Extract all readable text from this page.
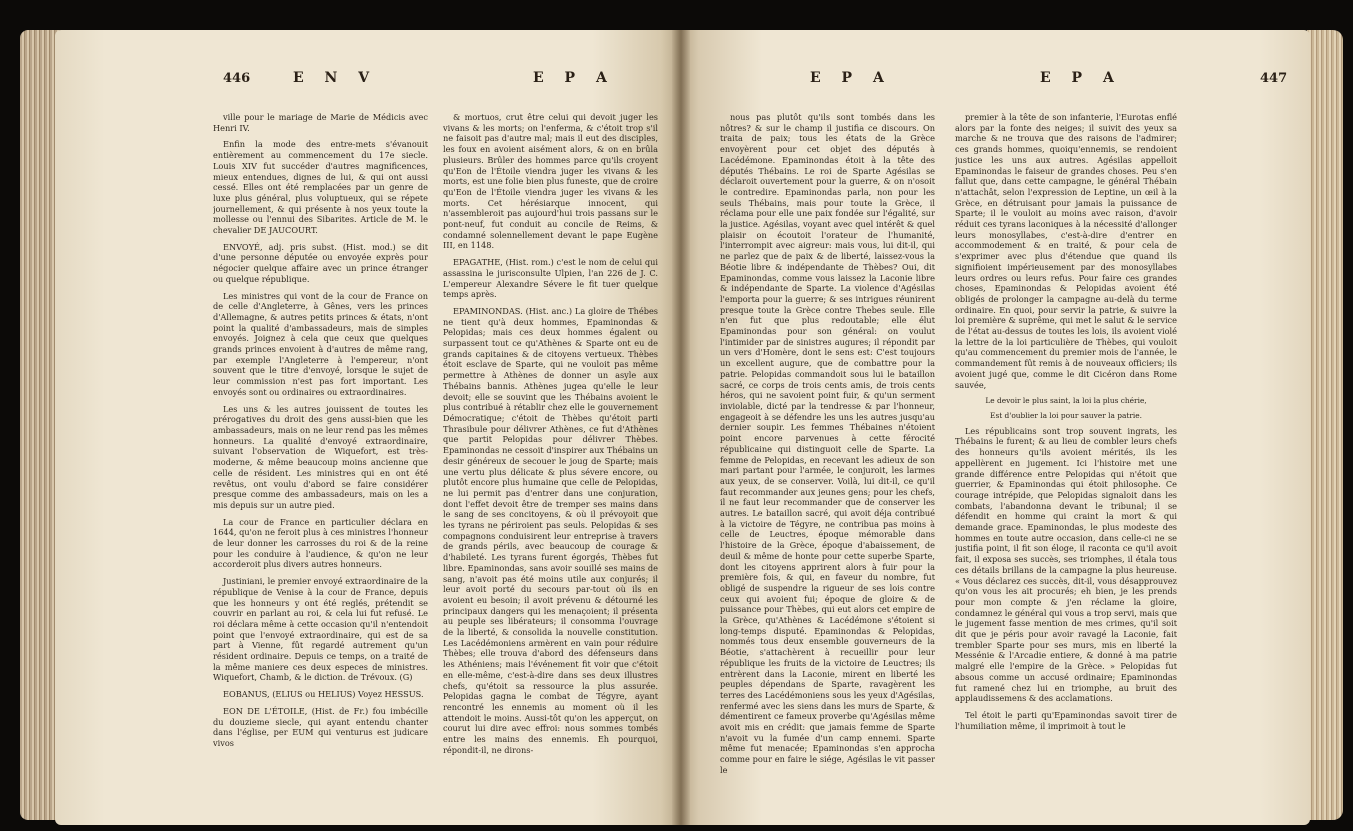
446	E N V	E P A

ville pour le mariage de Marie de Médicis avec Henri IV.

Enfin la mode des entre-mets s'évanouit entièrement au commencement du 17e siecle. Louis XIV fut succéder d'autres magnificences, mieux entendues, dignes de lui, & qui ont aussi cessé. Elles ont été remplacées par un genre de luxe plus général, plus voluptueux, qui se répete journellement, & qui présente à nos yeux toute la mollesse ou l'ennui des Sibarites. Article de M. le chevalier DE JAUCOURT.

ENVOYÉ, adj. pris subst. (Hist. mod.) se dit d'une personne députée ou envoyée exprès pour négocier quelque affaire avec un prince étranger ou quelque république.

Les ministres qui vont de la cour de France on de celle d'Angleterre, à Gênes, vers les princes d'Allemagne, & autres petits princes & états, n'ont point la qualité d'ambassadeurs, mais de simples envoyés. Joignez à cela que ceux que quelques grands princes envoient à d'autres de même rang, par exemple l'Angleterre à l'empereur, n'ont souvent que le titre d'envoyé, lorsque le sujet de leur commission n'est pas fort important. Les envoyés sont ou ordinaires ou extraordinaires.

Les uns & les autres jouissent de toutes les prérogatives du droit des gens aussi-bien que les ambassadeurs, mais on ne leur rend pas les mêmes honneurs. La qualité d'envoyé extraordinaire, suivant l'observation de Wiquefort, est très-moderne, & même beaucoup moins ancienne que celle de résident. Les ministres qui en ont été revêtus, ont voulu d'abord se faire considérer presque comme des ambassadeurs, mais on les a mis depuis sur un autre pied.

La cour de France en particulier déclara en 1644, qu'on ne feroit plus à ces ministres l'honneur de leur donner les carrosses du roi & de la reine pour les conduire à l'audience, & qu'on ne leur accorderoit plus divers autres honneurs.

Justiniani, le premier envoyé extraordinaire de la république de Venise à la cour de France, depuis que les honneurs y ont été reglés, prétendit se couvrir en parlant au roi, & cela lui fut refusé. Le roi déclara même à cette occasion qu'il n'entendoit point que l'envoyé extraordinaire, qui est de sa part à Vienne, fût regardé autrement qu'un résident ordinaire. Depuis ce temps, on a traité de la même maniere ces deux especes de ministres. Wiquefort, Chamb, & le diction. de Trévoux. (G)

EOBANUS, (ELIUS ou HELIUS) Voyez HESSUS.

EON DE L'ÉTOILE, (Hist. de Fr.) fou imbécille du douzieme siecle, qui ayant entendu chanter dans l'église, per EUM qui venturus est judicare vivos

& mortuos, crut être celui qui devoit juger les vivans & les morts; on l'enferma, & c'étoit trop s'il ne faisoit pas d'autre mal; mais il eut des disciples, les foux en avoient aisément alors, & on en brûla plusieurs. Brûler des hommes parce qu'ils croyent qu'Eon de l'Étoile viendra juger les vivans & les morts, est une folie bien plus funeste, que de croire qu'Eon de l'Étoile viendra juger les vivans & les morts. Cet hérésiarque innocent, qui n'assembleroit pas aujourd'hui trois passans sur le pont-neuf, fut conduit au concile de Reims, & condamné solennellement devant le pape Eugène III, en 1148.

EPAGATHE, (Hist. rom.) c'est le nom de celui qui assassina le jurisconsulte Ulpien, l'an 226 de J. C. L'empereur Alexandre Sévere le fit tuer quelque temps après.

EPAMINONDAS. (Hist. anc.) La gloire de Thébes ne tient qu'à deux hommes, Epaminondas & Pelopidas; mais ces deux hommes égalent ou surpassent tout ce qu'Athènes & Sparte ont eu de grands capitaines & de citoyens vertueux. Thèbes étoit esclave de Sparte, qui ne vouloit pas même permettre à Athènes de donner un asyle aux Thébains bannis. Athènes jugea qu'elle le leur devoit; elle se souvint que les Thébains avoient le plus contribué à rétablir chez elle le gouvernement Démocratique; c'étoit de Thèbes qu'étoit parti Thrasibule pour délivrer Athènes, ce fut d'Athènes que partit Pelopidas pour délivrer Thèbes. Epaminondas ne cessoit d'inspirer aux Thébains un desir généreux de secouer le joug de Sparte; mais une vertu plus délicate & plus sévere encore, ou plutôt encore plus humaine que celle de Pelopidas, ne lui permit pas d'entrer dans une conjuration, dont l'effet devoit être de tremper ses mains dans le sang de ses concitoyens, & où il prévoyoit que les tyrans ne périroient pas seuls. Pelopidas & ses compagnons conduisirent leur entreprise à travers de grands périls, avec beaucoup de courage & d'habileté. Les tyrans furent égorgés, Thèbes fut libre. Epaminondas, sans avoir souillé ses mains de sang, n'avoit pas été moins utile aux conjurés; il leur avoit porté du secours par-tout où ils en avoient eu besoin; il avoit prévenu & détourné les principaux dangers qui les menaçoient; il présenta au peuple ses libérateurs; il consomma l'ouvrage de la liberté, & consolida la nouvelle constitution. Les Lacédémoniens armèrent en vain pour réduire Thèbes; elle trouva d'abord des défenseurs dans les Athéniens; mais l'événement fit voir que c'étoit en elle-même, c'est-à-dire dans ses deux illustres chefs, qu'étoit sa ressource la plus assurée. Pelopidas gagna le combat de Tégyre, ayant rencontré les ennemis au moment où il les attendoit le moins. Aussi-tôt qu'on les apperçut, on courut lui dire avec effroi: nous sommes tombés entre les mains des ennemis. Eh pourquoi, répondit-il, ne dirons-

E P A	E P A	447

nous pas plutôt qu'ils sont tombés dans les nôtres? & sur le champ il justifia ce discours. On traita de paix; tous les états de la Grèce envoyèrent pour cet objet des députés à Lacédémone. Epaminondas étoit à la tête des députés Thébains. Le roi de Sparte Agésilas se déclaroit ouvertement pour la guerre, & on n'osoit le contredire. Epaminondas parla, non pour les seuls Thébains, mais pour toute la Grèce, il réclama pour elle une paix fondée sur l'égalité, sur la justice. Agésilas, voyant avec quel intérêt & quel plaisir on écoutoit l'orateur de l'humanité, l'interrompit avec aigreur: mais vous, lui dit-il, qui ne parlez que de paix & de liberté, laissez-vous la Béotie libre & indépendante de Thèbes? Oui, dit Epaminondas, comme vous laissez la Laconie libre & indépendante de Sparte. La violence d'Agésilas l'emporta pour la guerre; & ses intrigues réunirent presque toute la Grèce contre Thebes seule. Elle n'en fut que plus redoutable; elle élut Epaminondas pour son général: on voulut l'intimider par de sinistres augures; il répondit par un vers d'Homère, dont le sens est: C'est toujours un excellent augure, que de combattre pour la patrie. Pelopidas commandoit sous lui le bataillon sacré, ce corps de trois cents amis, de trois cents héros, qui ne savoient point fuir, & qu'un serment inviolable, dicté par la tendresse & par l'honneur, engageoit à se défendre les uns les autres jusqu'au dernier soupir. Les femmes Thébaines n'étoient point encore parvenues à cette férocité républicaine qui distinguoit celle de Sparte. La femme de Pelopidas, en recevant les adieux de son mari partant pour l'armée, le conjuroit, les larmes aux yeux, de se conserver. Voilà, lui dit-il, ce qu'il faut recommander aux jeunes gens; pour les chefs, il ne faut leur recommander que de conserver les autres. Le bataillon sacré, qui avoit déja contribué à la victoire de Tégyre, ne contribua pas moins à celle de Leuctres, époque mémorable dans l'histoire de la Grèce, époque d'abaissement, de deuil & même de honte pour cette superbe Sparte, dont les citoyens apprirent alors à fuir pour la première fois, & qui, en faveur du nombre, fut obligé de suspendre la rigueur de ses lois contre ceux qui avoient fui; époque de gloire & de puissance pour Thèbes, qui eut alors cet empire de la Grèce, qu'Athènes & Lacédémone s'étoient si long-temps disputé. Epaminondas & Pelopidas, nommés tous deux ensemble gouverneurs de la Béotie, s'attachèrent à recueillir pour leur république les fruits de la victoire de Leuctres; ils entrèrent dans la Laconie, mirent en liberté les peuples dépendans de Sparte, ravagèrent les terres des Lacédémoniens sous les yeux d'Agésilas, renfermé avec les siens dans les murs de Sparte, & démentirent ce fameux proverbe qu'Agésilas même avoit mis en crédit: que jamais femme de Sparte n'avoit vu la fumée d'un camp ennemi. Sparte même fut menacée; Epaminondas s'en approcha comme pour en faire le siége, Agésilas le vit passer le

premier à la tête de son infanterie, l'Eurotas enflé alors par la fonte des neiges; il suivit des yeux sa marche & ne trouva que des raisons de l'admirer; ces grands hommes, quoiqu'ennemis, se rendoient justice les uns aux autres. Agésilas appelloit Epaminondas le faiseur de grandes choses. Peu s'en fallut que, dans cette campagne, le général Thébain n'attachât, selon l'expression de Leptine, un œil à la Grèce, en détruisant pour jamais la puissance de Sparte; il le vouloit au moins avec raison, d'avoir réduit ces tyrans laconiques à la nécessité d'allonger leurs monosyllabes, c'est-à-dire d'entrer en accommodement & en traité, & pour cela de s'exprimer avec plus d'étendue que quand ils signifioient impérieusement par des monosyllabes leurs ordres ou leurs refus. Pour faire ces grandes choses, Epaminondas & Pelopidas avoient été obligés de prolonger la campagne au-delà du terme ordinaire. En quoi, pour servir la patrie, & suivre la loi première & suprême, qui met le salut & le service de l'état au-dessus de toutes les lois, ils avoient violé la lettre de la loi particulière de Thèbes, qui vouloit qu'au commencement du premier mois de l'année, le commandement fût remis à de nouveaux officiers; ils avoient jugé que, comme le dit Cicéron dans Rome sauvée,

Le devoir le plus saint, la loi la plus chérie,

Est d'oublier la loi pour sauver la patrie.

Les républicains sont trop souvent ingrats, les Thébains le furent; & au lieu de combler leurs chefs des honneurs qu'ils avoient mérités, ils les appellèrent en jugement. Ici l'histoire met une grande différence entre Pelopidas qui n'étoit que guerrier, & Epaminondas qui étoit philosophe. Ce courage intrépide, que Pelopidas signaloit dans les combats, l'abandonna devant le tribunal; il se défendit en homme qui craint la mort & qui demande grace. Epaminondas, le plus modeste des hommes en toute autre occasion, dans celle-ci ne se justifia point, il fit son éloge, il raconta ce qu'il avoit fait, il exposa ses succès, ses triomphes, il étala tous ces détails brillans de la campagne la plus heureuse. « Vous déclarez ces succès, dit-il, vous désapprouvez qu'on vous les ait procurés; eh bien, je les prends pour mon compte & j'en réclame la gloire, condamnez le général qui vous a trop servi, mais que le jugement fasse mention de mes crimes, qu'il soit dit que je péris pour avoir ravagé la Laconie, fait trembler Sparte pour ses murs, mis en liberté la Messénie & l'Arcadie entiere, & donné à ma patrie malgré elle l'empire de la Grèce. » Pelopidas fut absous comme un accusé ordinaire; Epaminondas fut ramené chez lui en triomphe, au bruit des applaudissemens & des acclamations.

Tel étoit le parti qu'Epaminondas savoit tirer de l'humiliation même, il imprimoit à tout le
